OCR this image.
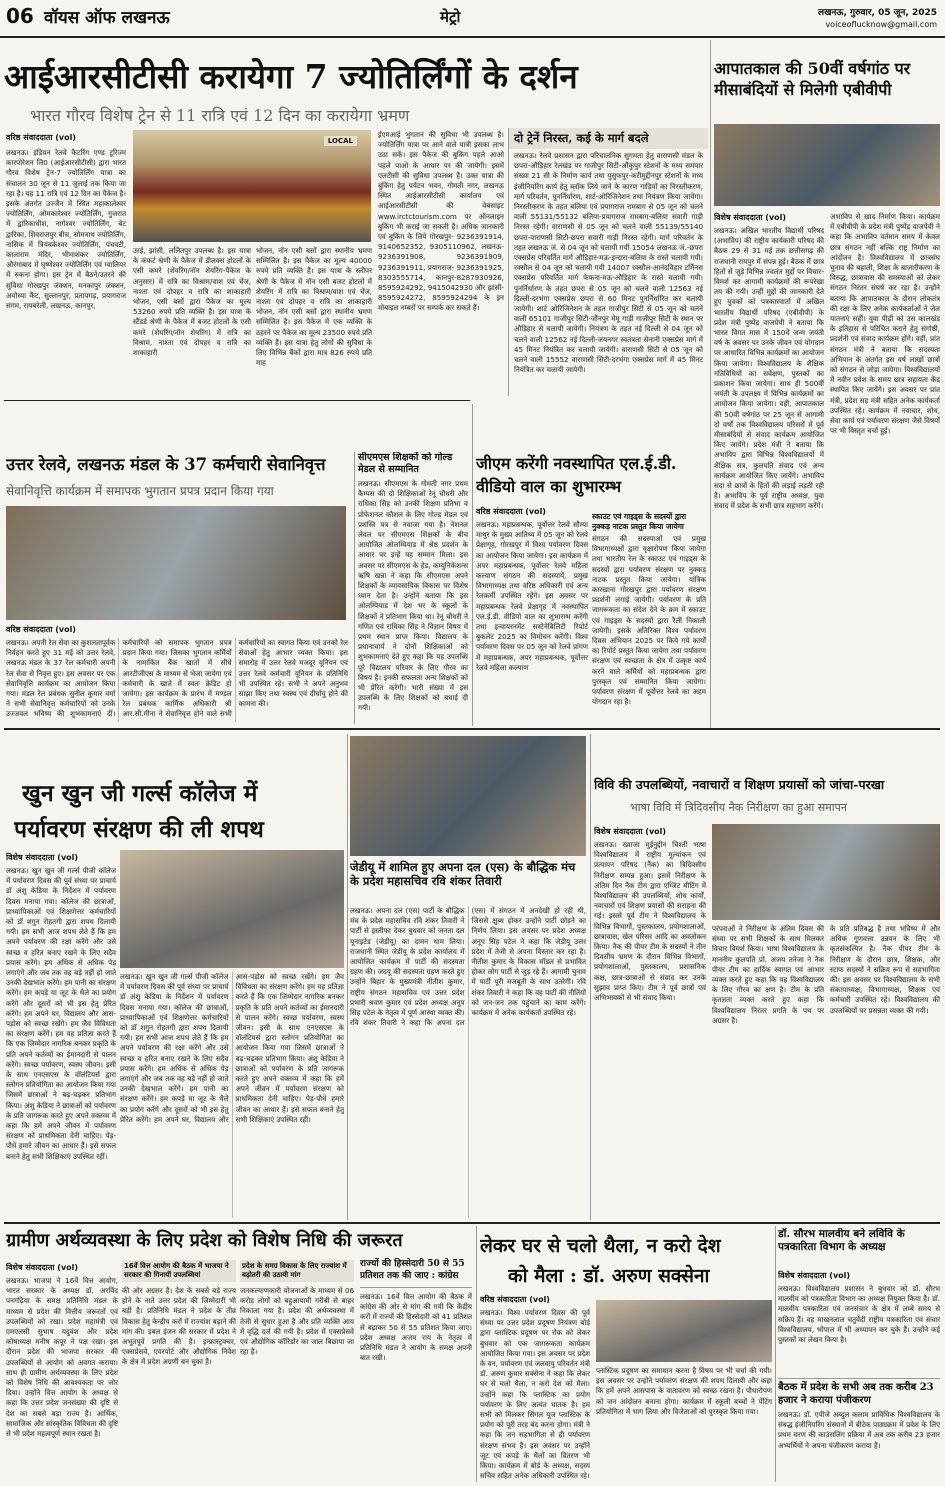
06 वॉयस ऑफ लखनऊ	मेट्रो	लखनऊ, गुरुवार, 05 जून, 2025
voiceoflucknow@gmail.com
आईआरसीटीसी करायेगा 7 ज्योतिर्लिंगों के दर्शन
भारत गौरव विशेष ट्रेन से 11 रात्रि एवं 12 दिन का करायेगा भ्रमण
वरिष्ठ संवाददाता (vol)
लखनऊ। इंडियन रेलवे कैटरिंग एण्ड टूरिज्म कारपोरेशन लि0 (आईआरसीटीसी) द्वारा भारत गौरव विशेष ट्रेन-7 ज्योतिर्लिंग यात्रा का संचालन 30 जून से 11 जुलाई तक किया जा रहा है। यह 11 रात्रि एवं 12 दिन का पैकेज है। इसके अंतर्गत उज्जैन में स्थित महाकालेश्वर ज्योतिर्लिंग, ओमकारेश्वर ज्योतिर्लिंग, गुजरात में द्वारिकाधीश, नागेश्वर ज्योतिर्लिंग, बेट द्वारिका, शिवराजपुर बीच, सोमनाथ ज्योतिर्लिंग, नासिक में त्रियंबकेश्वर ज्योतिर्लिंग, पंचवटी, कालाराम मंदिर, भीमाशंकर ज्योतिर्लिंग, औरंगाबाद में घृष्णेश्वर ज्योतिर्लिंग एवं ग्वालियर में रुकना होगा। इस ट्रेन में बैठने/उतरने की सुविधा गोरखपुर जंक्शन, मनकापुर जंक्शन, अयोध्या कैंट, सुल्तानपुर, प्रतापगढ़, प्रयागराज संगम, रायबरेली, लखनऊ, कानपुर,
LOCAL
उरई, झांसी, ललितपुर उपलब्ध है। इस यात्रा के कंफर्ट श्रेणी के पैकेज में डीलक्स होटलों के एसी कमरे (शेयरिंग/नॉन शेयरिंग-पैकेज के अनुसार) में रात्रि का विश्राम/वाश एवं चेंज, नाश्ता एवं दोपहर व रात्रि का शाकाहारी भोजन, एसी बसों द्वारा पैकेज का मूल्य 53260 रुपये प्रति व्यक्ति है। इस यात्रा के स्टैंडर्ड श्रेणी के पैकेज में बजट होटलों के एसी कमरे (शेयरिंग/नॉन शेयरिंग) में रात्रि का विश्राम, नाश्ता एवं दोपहर व रात्रि का शाकाहारी
भोजन, नॉन एसी बसों द्वारा स्थानीय भ्रमण सम्मिलित है। इस पैकेज का मूल्य 40000 रुपये प्रति व्यक्ति है। इस यात्रा के स्लीपर श्रेणी के पैकेज में नॉन एसी बजट होटलों में शेयरिंग में रात्रि का विश्राम/वाश एवं चेंज, नाश्ता एवं दोपहर व रात्रि का शाकाहारी भोजन, नॉन एसी बसों द्वारा स्थानीय भ्रमण सम्मिलित है। इस पैकेज में एक व्यक्ति के ठहरने पर पैकेज का मूल्य 23500 रुपये प्रति व्यक्ति है। इस यात्रा हेतु लोगों की सुविधा के लिए विभिन्न बैंकों द्वारा मात्र 826 रुपये प्रति माह
ईएमआई भुगतान की सुविधा भी उपलब्ध है। ज्योतिर्लिंग यात्रा पर आने वाले यात्री इसका लाभ उठा सकें। इस पैकेज की बुकिंग पहले आओ पहले पाओ के आधार पर की जायेगी। इसमें एलटीसी की सुविधा उपलब्ध है। उक्त यात्रा की बुकिंग हेतु पर्यटन भवन, गोमती नगर, लखनऊ स्थित आईआरसीटीसी कार्यालय एवं आईआरसीटीसी की वेबसाइट www.irctctourism.com पर ऑनलाइन बुकिंग भी कराई जा सकती है। अधिक जानकारी एवं बुकिंग के लिये गोरखपुर- 9236391914, 9140652352, 9305110962, लखनऊ- 9236391908, 9236391909, 9236391911, प्रयागराज- 9236391925, 8303555714, कानपुर-8287930926, 8595924292, 9415042930 और झांसी- 8595924272, 8595924294 के इन मोबाइल नम्बरों पर सम्पर्क कर सकते हैं।
दो ट्रेनें निरस्त, कई के मार्ग बदले
लखनऊ। रेलवे प्रशासन द्वारा परिचालनिक सुगमता हेतु वाराणसी मंडल के छपरा-औड़िहार रेलखंड पर गाजीपुर सिटी-औंकुपुर स्टेशनों के मध्य समपार संख्या 21 सी के निर्माण कार्य तथा युसुफपुर-करीमुद्दीनपुर स्टेशनों के मध्य इंजीनियरिंग कार्य हेतु ब्लॉक लिये जाने के कारण गाड़ियों का निरस्तीकरण, मार्ग परिवर्तन, पुनर्निर्धारण, शार्ट-ओरिजिनेशन तथा नियंत्रण किया जायेगा। निरस्तीकरण के तहत बलिया एवं प्रयागराज रामबाग से 05 जून को चलने वाली 55131/55132 बलिया-प्रयागराज रामबाग-बलिया सवारी गाड़ी निरस्त रहेगी। वाराणसी से 05 जून को चलने वाली 55139/55140 छपरा-वाराणसी सिटी-छपरा सवारी गाड़ी निरस्त रहेगी। मार्ग परिवर्तन के तहत लखनऊ जं. से 04 जून को चलायी गयी 15054 लखनऊ जं.-छपरा एक्सप्रेस परिवर्तित मार्ग औड़िहार-मऊ-इन्दारा-बलिया के रास्ते चलायी गयी। रक्सौल से 04 जून को चलायी गयी 14007 रक्सौल-आनंदविहार टर्मिनस एक्सप्रेस परिवर्तित मार्ग फेफना-मऊ-औड़िहार के रास्ते चलायी गयी। पुनर्निर्धारण के तहत छपरा से 05 जून को चलने वाली 12563 नई दिल्ली-दरभंगा एक्सप्रेस छपरा से 60 मिनट पुनर्निर्धारित कर चलायी जायेगी। शार्ट ओरिजिनेशन के तहत गाजीपुर सिटी से 05 जून को चलने वाली 65101 गाजीपुर सिटी-जौनपुर मेमू गाड़ी गाजीपुर सिटी के स्थान पर औड़िहार से चलायी जायेगी। नियंत्रण के तहत नई दिल्ली से 04 जून को चलने वाली 12562 नई दिल्ली-जयनगर स्वतंत्रता सेनानी एक्सप्रेस मार्ग में 45 मिनट नियंत्रित कर चलायी जायेगी। वाराणसी सिटी से 05 जून को चलने वाली 15552 वाराणसी सिटी-दरभंगा एक्सप्रेस मार्ग में 45 मिनट नियंत्रित कर चलायी जायेगी।
आपातकाल की 50वीं वर्षगांठ पर मीसाबंदियों से मिलेगी एबीवीपी
विशेष संवाददाता (vol)
लखनऊ। अखिल भारतीय विद्यार्थी परिषद (अभाविप) की राष्ट्रीय कार्यकारी परिषद की बैठक 29 से 31 मई तक छत्तीसगढ़ की राजधानी रायपुर में संपन्न हुई। बैठक में छात्र हितों से जुड़े विभिन्न ज्वलंत मुद्दों पर विचार-विमर्श कर आगामी कार्यक्रमों की रूपरेखा तय की गयी। उन्हीं मुद्दों की जानकारी देते हुए युवकों को पत्रकारवार्ता में अखिल भारतीय विद्यार्थी परिषद (एबीवीपी) के प्रदेश मंत्री पुष्पेंद्र वाजपेयी ने बताया कि भारत विगत मास में 150वें जन्म जयंती वर्ष के अवसर पर उनके जीवन एवं योगदान पर आधारित विभिन्न कार्यक्रमों का आयोजन किया जायेगा। विश्वविद्यालय के शैक्षिक गतिविधियों का सर्वेक्षण, पुस्तकों का प्रकाशन किया जायेगा। साथ ही 500वीं जयंती के उपलक्ष्य में विभिन्न कार्यक्रमों का आयोजन किया जायेगा। वहीं, आपातकाल की 50वीं वर्षगांठ पर 25 जून से आगामी दो वर्षों तक विश्वविद्यालय परिसरों में पूर्व मीसाबंदियों से संवाद कार्यक्रम आयोजित किए जायेंगे। प्रदेश मंत्री ने बताया कि अभाविप द्वारा विभिन्न विश्वविद्यालयों में शैक्षिक सत्र, कुलपति संवाद एवं अन्य कार्यक्रम आयोजित किए जायेंगे। अभाविप सदा से छात्रों के हितों की लड़ाई लड़ती रही है। अभाविप के पूर्व राष्ट्रीय अध्यक्ष, युवा संवाद में प्रदेश के सभी छात्र सहभाग करेंगे।
अभाविप से खाद निर्माण किया। कार्यक्रम में एबीवीपी के प्रदेश मंत्री पुष्पेंद्र वाजपेयी ने कहा कि अभाविप वर्तमान समय में केवल छात्र संगठन नहीं बल्कि राष्ट्र निर्माण का आंदोलन है। विश्वविद्यालय में छात्रसंघ चुनाव की बहाली, शिक्षा के बाजारीकरण के विरुद्ध, छात्रावास की समस्याओं को लेकर संगठन निरंतर संघर्ष कर रहा है। उन्होंने बताया कि आपातकाल के दौरान लोकतंत्र की रक्षा के लिए अनेक कार्यकर्ताओं ने जेल यातनाएं सहीं। युवा पीढ़ी को उस कालखंड के इतिहास से परिचित कराने हेतु संगोष्ठी, प्रदर्शनी एवं संवाद कार्यक्रम होंगे। वहीं, प्रांत संगठन मंत्री ने बताया कि सदस्यता अभियान के अंतर्गत इस वर्ष लाखों छात्रों को संगठन से जोड़ा जायेगा। विश्वविद्यालयों में नवीन प्रवेश के समय छात्र सहायता केंद्र स्थापित किए जायेंगे। इस अवसर पर प्रांत मंत्री, प्रदेश सह मंत्री सहित अनेक कार्यकर्ता उपस्थित रहे। कार्यक्रम में नवाचार, शोध, सेवा कार्य एवं पर्यावरण संरक्षण जैसे विषयों पर भी विस्तृत चर्चा हुई।
उत्तर रेलवे, लखनऊ मंडल के 37 कर्मचारी सेवानिवृत्त
सेवानिवृत्ति कार्यक्रम में समापक भुगतान प्रपत्र प्रदान किया गया
वरिष्ठ संवाददाता (vol)
लखनऊ। अपनी रेल सेवा का कुशलतापूर्वक निर्वहन करते हुए 31 मई को उत्तर रेलवे, लखनऊ मंडल के 37 रेल कर्मचारी अपनी रेल सेवा से निवृत्त हुए। इस अवसर पर एक सेवानिवृत्ति कार्यक्रम का आयोजन किया गया। मंडल रेल प्रबंधक सुनील कुमार वर्मा ने सभी सेवानिवृत्त कर्मचारियों को उनके उज्जवल भविष्य की शुभकामनाएं दीं। कर्मचारियों को समापक भुगतान प्रपत्र प्रदान किया गया। जिसका भुगतान कर्मियों के नामांकित बैंक खातों में सीधे आरटीजीएस के माध्यम से भेजा जायेगा एवं कर्मचारी के खाते में स्वतः क्रेडिट हो जायेगा। इस कार्यक्रम के प्रारंभ में मण्डल रेल प्रबंधक कार्मिक अधिकारी श्री आर.सी.मीना ने सेवानिवृत्त होने वाले सभी कर्मचारियों का स्वागत किया एवं उनको रेल सेवाओं हेतु आभार व्यक्त किया। इस समारोह में उत्तर रेलवे मजदूर यूनियन एवं उत्तर रेलवे कर्मचारी यूनियन के प्रतिनिधि भी उपस्थित रहे। सभी ने अपने अनुभव साझा किए तथा स्वस्थ एवं दीर्घायु होने की कामना की।
सीएमएस शिक्षकों को गोल्ड मेडल से सम्मानित
लखनऊ। सीएमएस के गोमती नगर प्रथम कैम्पस की दो शिक्षिकाओं रेनू चौधरी और राधिका सिंह को उनकी शिक्षण प्रतिभा व प्रोफेशनल कौशल के लिए गोल्ड मेडल एवं प्रशस्ति पत्र से नवाजा गया है। नेशनल लेवल पर सीएमएस शिक्षकों के बीच आयोजित ओलम्पियाड में श्रेष्ठ प्रदर्शन के आधार पर इन्हें यह सम्मान मिला। इस अवसर पर सीएमएस के हेड, कम्युनिकेशन्स ऋषि खन्ना ने कहा कि सीएमएस अपने शिक्षकों के व्यावसायिक विकास पर विशेष ध्यान देता है। उन्होंने बताया कि इस ओलम्पियाड में देश भर के स्कूलों के शिक्षकों ने प्रतिभाग किया था। रेनू चौधरी ने गणित एवं राधिका सिंह ने विज्ञान विषय में प्रथम स्थान प्राप्त किया। विद्यालय के प्रधानाचार्य ने दोनों शिक्षिकाओं को शुभकामनाएं देते हुए कहा कि यह उपलब्धि पूरे विद्यालय परिवार के लिए गौरव का विषय है। इनकी सफलता अन्य शिक्षकों को भी प्रेरित करेगी। भारी संख्या में इस उपलब्धि के लिए शिक्षकों को बधाई दी गयी।
जीएम करेंगी नवस्थापित एल.ई.डी. वीडियो वाल का शुभारम्भ
वरिष्ठ संवाददाता (vol)
लखनऊ। महाप्रबन्धक, पूर्वोत्तर रेलवे सौम्या माथुर के मुख्य आतिथ्य में 05 जून को रेलवे प्रेक्षागृह, गोरखपुर में विश्व पर्यावरण दिवस का आयोजन किया जायेगा। इस कार्यक्रम में अपर महाप्रबन्धक, पूर्वोत्तर रेलवे महिला कल्याण संगठन की सदस्यायें, प्रमुख विभागाध्यक्ष तथा वरिष्ठ अधिकारी एवं अन्य रेलकर्मी उपस्थित रहेंगे। इस अवसर पर महाप्रबन्धक रेलवे प्रेक्षागृह में नवस्थापित एल.ई.डी. वीडियो वाल का शुभारम्भ करेंगी तथा इन्वायरनमेंट सस्टेनेबिलिटी रिपोर्ट बुकलेट 2025 का विमोचन करेंगी। विश्व पर्यावरण दिवस पर 05 जून को रेलवे प्रांगण में महाप्रबन्धक, अपर महाप्रबन्धक, पूर्वोत्तर रेलवे महिला कल्याण
स्काउट एवं गाइड्स के सदस्यों द्वारा नुक्कड़ नाटक प्रस्तुत किया जायेगा
संगठन की सदस्याओं एवं प्रमुख विभागाध्यक्षों द्वारा वृक्षारोपण किया जायेगा तथा भारतीय रेल के स्काउट एवं गाइड्स के सदस्यों द्वारा पर्यावरण संरक्षण पर नुक्कड़ नाटक प्रस्तुत किया जायेगा। यांत्रिक कारखाना गोरखपुर द्वारा पर्यावरण संरक्षण प्रदर्शनी लगाई जायेगी। पर्यावरण के प्रति जागरूकता का संदेश देने के क्रम में स्काउट एवं गाइड्स के सदस्यों द्वारा रैली निकाली जायेगी। इसके अतिरिक्त विश्व पर्यावरण दिवस अभियान 2025 पर किये गये कार्यों का रिपोर्ट प्रस्तुत किया जायेगा तथा पर्यावरण संरक्षण एवं स्वच्छता के क्षेत्र में उत्कृष्ट कार्य करने वाले कर्मियों को महाप्रबन्धक द्वारा पुरस्कृत एवं सम्मानित किया जायेगा। पर्यावरण संरक्षण में पूर्वोत्तर रेलवे का अहम योगदान रहा है।
खुन खुन जी गर्ल्स कॉलेज में
पर्यावरण संरक्षण की ली शपथ
विशेष संवाददाता (vol)
लखनऊ। खुन खुन जी गर्ल्स पीजी कॉलेज में पर्यावरण दिवस की पूर्व संध्या पर प्राचार्य डॉ अंशु केडिया के निर्देशन में पर्यावरण दिवस मनाया गया। कॉलेज की छात्राओं, प्राध्यापिकाओं एवं शिक्षणेत्तर कर्मचारियों को डॉ शगुन रोहतगी द्वारा शपथ दिलायी गयी। हम सभी आज शपथ लेते हैं कि हम अपने पर्यावरण की रक्षा करेंगे और उसे स्वच्छ व हरित बनाए रखने के लिए सदैव प्रयास करेंगे। हम अधिक से अधिक पेड़ लगाएंगे और जब तक वह बड़े नहीं हो जाते उनकी देखभाल करेंगे। हम पानी का संरक्षण करेंगे। हम कपड़े या जूट के थैले का प्रयोग करेंगे और दूसरों को भी इस हेतु प्रेरित करेंगे। हम अपने घर, विद्यालय और आस-पड़ोस को स्वच्छ रखेंगे। हम जैव विविधता का संरक्षण करेंगे। हम यह प्रतिज्ञा करते हैं कि एक जिम्मेदार नागरिक बनकर प्रकृति के प्रति अपने कर्तव्यों का ईमानदारी से पालन करेंगे। स्वच्छ पर्यावरण, स्वस्थ जीवन। इसी के साथ एनएसएस के वॉलंटियर्स द्वारा स्लोगन प्रतियोगिता का आयोजन किया गया जिसमें छात्राओं ने बढ़-चढ़कर प्रतिभाग किया। अंशु केडिया ने छात्राओं को पर्यावरण के प्रति जागरूक करते हुए अपने वक्तव्य में कहा कि हमें अपने जीवन में पर्यावरण संरक्षण को प्राथमिकता देनी चाहिए। पेड़-पौधे हमारे जीवन का आधार हैं। इसे सफल बनाने हेतु सभी शिक्षिकाएं उपस्थित रहीं।
लखनऊ। खुन खुन जी गर्ल्स पीजी कॉलेज में पर्यावरण दिवस की पूर्व संध्या पर प्राचार्य डॉ अंशु केडिया के निर्देशन में पर्यावरण दिवस मनाया गया। कॉलेज की छात्राओं, प्राध्यापिकाओं एवं शिक्षणेत्तर कर्मचारियों को डॉ शगुन रोहतगी द्वारा शपथ दिलायी गयी। हम सभी आज शपथ लेते हैं कि हम अपने पर्यावरण की रक्षा करेंगे और उसे स्वच्छ व हरित बनाए रखने के लिए सदैव प्रयास करेंगे। हम अधिक से अधिक पेड़ लगाएंगे और जब तक वह बड़े नहीं हो जाते उनकी देखभाल करेंगे। हम पानी का संरक्षण करेंगे। हम कपड़े या जूट के थैले का प्रयोग करेंगे और दूसरों को भी इस हेतु प्रेरित करेंगे। हम अपने घर, विद्यालय और आस-पड़ोस को स्वच्छ रखेंगे। हम जैव विविधता का संरक्षण करेंगे। हम यह प्रतिज्ञा करते हैं कि एक जिम्मेदार नागरिक बनकर प्रकृति के प्रति अपने कर्तव्यों का ईमानदारी से पालन करेंगे। स्वच्छ पर्यावरण, स्वस्थ जीवन। इसी के साथ एनएसएस के वॉलंटियर्स द्वारा स्लोगन प्रतियोगिता का आयोजन किया गया जिसमें छात्राओं ने बढ़-चढ़कर प्रतिभाग किया। अंशु केडिया ने छात्राओं को पर्यावरण के प्रति जागरूक करते हुए अपने वक्तव्य में कहा कि हमें अपने जीवन में पर्यावरण संरक्षण को प्राथमिकता देनी चाहिए। पेड़-पौधे हमारे जीवन का आधार हैं। इसे सफल बनाने हेतु सभी शिक्षिकाएं उपस्थित रहीं।
जेडीयू में शामिल हुए अपना दल (एस) के बौद्धिक मंच के प्रदेश महासचिव रवि शंकर तिवारी
लखनऊ। अपना दल (एस) पार्टी के बौद्धिक मंच के प्रदेश महासचिव रवि शंकर तिवारी ने पार्टी से इस्तीफा देकर बुधवार को जनता दल यूनाइटेड (जेडीयू) का दामन थाम लिया। राजधानी स्थित जेडीयू के प्रदेश कार्यालय में आयोजित कार्यक्रम में पार्टी की सदस्यता ग्रहण की। जदयू की सदस्यता ग्रहण करते हुए उन्होंने बिहार के मुख्यमंत्री नीतीश कुमार, राष्ट्रीय संगठन महासचिव एवं उत्तर प्रदेश प्रभारी श्रवण कुमार एवं प्रदेश अध्यक्ष अनूप सिंह पटेल के नेतृत्व में पूर्ण आस्था व्यक्त की। रवि शंकर तिवारी ने कहा कि अपना दल (एस) में संगठन में अनदेखी हो रही थी, जिससे क्षुब्ध होकर उन्होंने पार्टी छोड़ने का निर्णय लिया। इस अवसर पर प्रदेश अध्यक्ष अनूप सिंह पटेल ने कहा कि जेडीयू उत्तर प्रदेश में तेजी से अपना विस्तार कर रहा है। नीतीश कुमार के विकास मॉडल से प्रभावित होकर लोग पार्टी से जुड़ रहे हैं। आगामी चुनाव में पार्टी पूरी मजबूती के साथ उतरेगी। रवि शंकर तिवारी ने कहा कि वह पार्टी की नीतियों को जन-जन तक पहुंचाने का काम करेंगे। कार्यक्रम में अनेक कार्यकर्ता उपस्थित रहे।
विवि की उपलब्धियों, नवाचारों व शिक्षण प्रयासों को जांचा-परखा
भाषा विवि में त्रिदिवसीय नैक निरीक्षण का हुआ समापन
विशेष संवाददाता (vol)
लखनऊ। ख्वाजा मुईनुद्दीन चिश्ती भाषा विश्वविद्यालय में राष्ट्रीय मूल्यांकन एवं प्रत्यायन परिषद (नैक) का त्रिदिवसीय निरीक्षण सम्पन्न हुआ। इसमें निरीक्षण के अंतिम दिन नैक टीम द्वारा एग्जिट मीटिंग में विश्वविद्यालय की उपलब्धियों, शोध कार्यों, नवाचारों एवं शिक्षण प्रयासों की सराहना की गई। इससे पूर्व टीम ने विश्वविद्यालय के विभिन्न विभागों, पुस्तकालय, प्रयोगशालाओं, छात्रावास, खेल परिसर आदि का अवलोकन किया। नैक की पीयर टीम के सदस्यों ने तीन दिवसीय भ्रमण के दौरान विभिन्न विभागों, प्रयोगशालाओं, पुस्तकालय, प्रशासनिक कक्ष, छात्र-छात्राओं से संवाद कर उनके सुझाव प्राप्त किए। टीम ने पूर्व छात्रों एवं अभिभावकों से भी संवाद किया।
परंपराओं ने निरीक्षण के अंतिम दिवस की संध्या पर सभी शिक्षकों के साथ मिलकर विचार विमर्श किया। भाषा विश्वविद्यालय के माननीय कुलपति प्रो. अजय तनेजा ने नैक पीयर टीम का हार्दिक स्वागत एवं आभार व्यक्त करते हुए कहा कि यह विश्वविद्यालय के लिए गौरव का क्षण है। टीम के प्रति कृतज्ञता व्यक्त करते हुए कहा कि विश्वविद्यालय निरंतर प्रगति के पथ पर अग्रसर है।
के प्रति प्रतिबद्ध है तथा भविष्य में और अधिक गुणवत्ता उन्नयन के लिए भी कृतसंकल्पित है। नैक पीयर टीम के निरीक्षण के दौरान छात्र, शिक्षक, और स्टाफ सदस्यों ने सक्रिय रूप से सहभागिता की। इस अवसर पर विश्वविद्यालय के सभी संकायाध्यक्ष, विभागाध्यक्ष, शिक्षक एवं कर्मचारी उपस्थित रहे। विश्वविद्यालय की उपलब्धियों पर प्रसन्नता व्यक्त की गयी।
ग्रामीण अर्थव्यवस्था के लिए प्रदेश को विशेष निधि की जरूरत
विशेष संवाददाता (vol)
लखनऊ। भाजपा ने 16वें वित्त आयोग, भारत सरकार के अध्यक्ष डॉ. अरविंद पनगढ़िया के समक्ष प्रतिनिधि मंडल के माध्यम से प्रदेश की वित्तीय जरूरतों एवं उपलब्धियों को रखा। प्रदेश महामंत्री एवं एमएलसी सुभाष यदुवंश और प्रदेश कोषाध्यक्ष मनीष कपूर ने पक्ष रखा। इस दौरान प्रदेश की भाजपा सरकार की उपलब्धियों से आयोग को अवगत कराया। साथ ही ग्रामीण अर्थव्यवस्था के लिए प्रदेश को विशेष निधि की आवश्यकता पर जोर दिया। उन्होंने वित्त आयोग के अध्यक्ष से कहा कि उत्तर प्रदेश जनसंख्या की दृष्टि से देश का सबसे बड़ा राज्य है। आर्थिक, सामाजिक और सांस्कृतिक विविधता की दृष्टि से भी प्रदेश महत्वपूर्ण स्थान रखता है।
16वें वित्त आयोग की बैठक में भाजपा ने सरकार की गिनायीं उपलब्धियां
की ओर अग्रसर है। देश के सबसे बड़े राज्य होने के नाते उत्तर प्रदेश की जिम्मेदारी भी बड़ी है। प्रतिनिधि मंडल ने प्रदेश के तीव्र विकास हेतु केन्द्रीय करों में राज्यांश बढ़ाने की मांग की। डबल इंजन की सरकार में प्रदेश ने अभूतपूर्व प्रगति की है। इन्फ्रास्ट्रक्चर, एक्सप्रेसवे, एयरपोर्ट और औद्योगिक निवेश के क्षेत्र में प्रदेश अग्रणी बन चुका है।
प्रदेश के समग्र विकास के लिए राज्यांश में बढ़ोतरी की उठायी मांग
जनकल्याणकारी योजनाओं के माध्यम से 06 करोड़ लोगों को बहुआयामी गरीबी से बाहर निकाला गया है। प्रदेश की अर्थव्यवस्था में तेजी से सुधार हुआ है और प्रति व्यक्ति आय में वृद्धि दर्ज की गयी है। प्रदेश में एक्सप्रेसवे एवं औद्योगिक कॉरिडोर का जाल बिछाया जा रहा है।
राज्यों की हिस्सेदारी 50 से 55 प्रतिशत तक की जाए : कांग्रेस
लखनऊ। 16वें वित्त आयोग की बैठक में कांग्रेस की ओर से मांग की गयी कि केंद्रीय करों में राज्यों की हिस्सेदारी को 41 प्रतिशत से बढ़ाकर 50 से 55 प्रतिशत किया जाए। प्रदेश अध्यक्ष अजय राय के नेतृत्व में प्रतिनिधि मंडल ने आयोग के समक्ष अपनी बात रखी।
लेकर घर से चलो थैला, न करो देश
को मैला : डॉ. अरुण सक्सेना
वरिष्ठ संवाददाता (vol)
लखनऊ। विश्व पर्यावरण दिवस की पूर्व संध्या पर उत्तर प्रदेश प्रदूषण नियंत्रण बोर्ड द्वारा प्लास्टिक प्रदूषण पर रोक को लेकर बुधवार को एक जागरूकता कार्यक्रम आयोजित किया गया। इस अवसर पर प्रदेश के वन, पर्यावरण एवं जलवायु परिवर्तन मंत्री डॉ. अरुण कुमार सक्सेना ने कहा कि लेकर घर से चलो थैला, न करो देश को मैला। उन्होंने कहा कि प्लास्टिक का प्रयोग पर्यावरण के लिए अत्यंत घातक है। हम सभी को मिलकर सिंगल यूज प्लास्टिक के प्रयोग को पूरी तरह बंद करना होगा। मंत्री ने कहा कि जन सहभागिता से ही पर्यावरण संरक्षण संभव है। इस अवसर पर उन्होंने जूट एवं कपड़े के थैलों का वितरण भी किया। कार्यक्रम में बोर्ड के अध्यक्ष, सदस्य सचिव सहित अनेक अधिकारी उपस्थित रहे।
प्लास्टिक प्रदूषण का समाधान करना है विषय पर भी चर्चा की गयी। इस अवसर पर उन्होंने पर्यावरण संरक्षण की शपथ दिलायी और कहा कि हमें अपने आसपास के वातावरण को स्वच्छ रखना है। पौधारोपण को जन आंदोलन बनाना होगा। कार्यक्रम में स्कूली बच्चों ने पेंटिंग प्रतियोगिता में भाग लिया और विजेताओं को पुरस्कृत किया गया।
डॉ. सौरभ मालवीय बने लविवि के पत्रकारिता विभाग के अध्यक्ष
विशेष संवाददाता (vol)
लखनऊ। विश्वविद्यालय प्रशासन ने बुधवार को डॉ. सौरभ मालवीय को पत्रकारिता विभाग का अध्यक्ष नियुक्त किया है। डॉ. मालवीय पत्रकारिता एवं जनसंचार के क्षेत्र में लम्बे समय से सक्रिय हैं। वह माखनलाल चतुर्वेदी राष्ट्रीय पत्रकारिता एवं संचार विश्वविद्यालय, भोपाल में भी अध्यापन कर चुके हैं। उन्होंने कई पुस्तकों का लेखन किया है।
बैठक में प्रदेश के सभी अब तक करीब 23 हजार ने कराया पंजीकरण
लखनऊ। डॉ. एपीजे अब्दुल कलाम प्राविधिक विश्वविद्यालय के संबद्ध इंजीनियरिंग संस्थानों में बीटेक पाठ्यक्रम में प्रवेश के लिए प्रथम चरण की काउंसलिंग प्रक्रिया में अब तक करीब 23 हजार अभ्यर्थियों ने अपना पंजीकरण कराया है।
